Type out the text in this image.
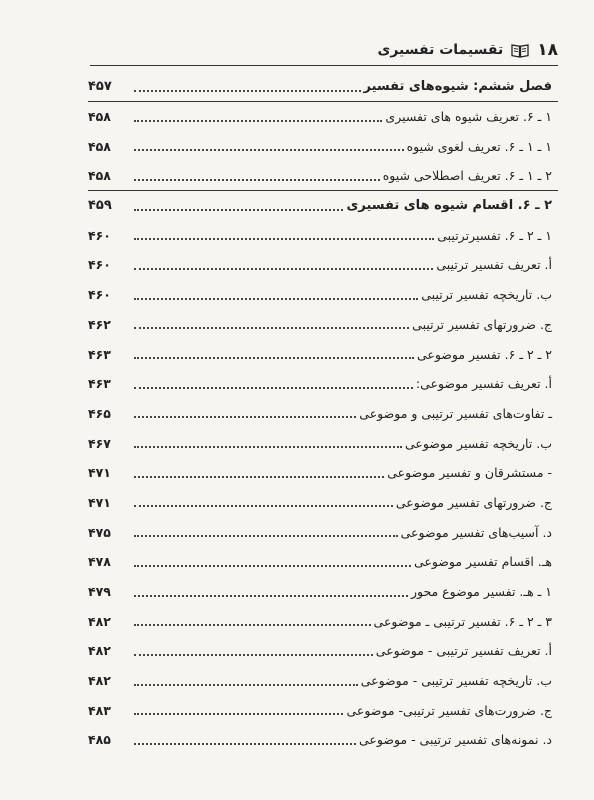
۱۸
تقسیمات تفسیری
فصل ششم: شیوه‌های تفسیر
۴۵۷
۱ ـ ۶. تعریف شیوه های تفسیری
۴۵۸
۱ ـ ۱ ـ ۶. تعریف لغوی شیوه
۴۵۸
۲ ـ ۱ ـ ۶. تعریف اصطلاحی شیوه
۴۵۸
۲ ـ ۶. اقسام شیوه های تفسیری
۴۵۹
۱ ـ ۲ ـ ۶. تفسیرترتیبی
۴۶۰
أ. تعریف تفسیر ترتیبی
۴۶۰
ب. تاریخچه تفسیر ترتیبی
۴۶۰
ج. ضرورتهای تفسیر ترتیبی
۴۶۲
۲ ـ ۲ ـ ۶. تفسیر موضوعی
۴۶۳
أ. تعریف تفسیر موضوعی:
۴۶۳
ـ تفاوت‌های تفسیر ترتیبی و موضوعی
۴۶۵
ب. تاریخچه تفسیر موضوعی
۴۶۷
- مستشرقان و تفسیر موضوعی
۴۷۱
ج. ضرورتهای تفسیر موضوعی
۴۷۱
د. آسیب‌های تفسیر موضوعی
۴۷۵
هـ. اقسام تفسیر موضوعی
۴۷۸
۱ ـ هـ. تفسیر موضوع محور
۴۷۹
۳ ـ ۲ ـ ۶. تفسیر ترتیبی ـ موضوعی
۴۸۲
أ. تعریف تفسیر ترتیبی - موضوعی
۴۸۲
ب. تاریخچه تفسیر ترتیبی - موضوعی
۴۸۲
ج. ضرورت‌های تفسیر ترتیبی- موضوعی
۴۸۳
د. نمونه‌های تفسیر ترتیبی - موضوعی
۴۸۵
